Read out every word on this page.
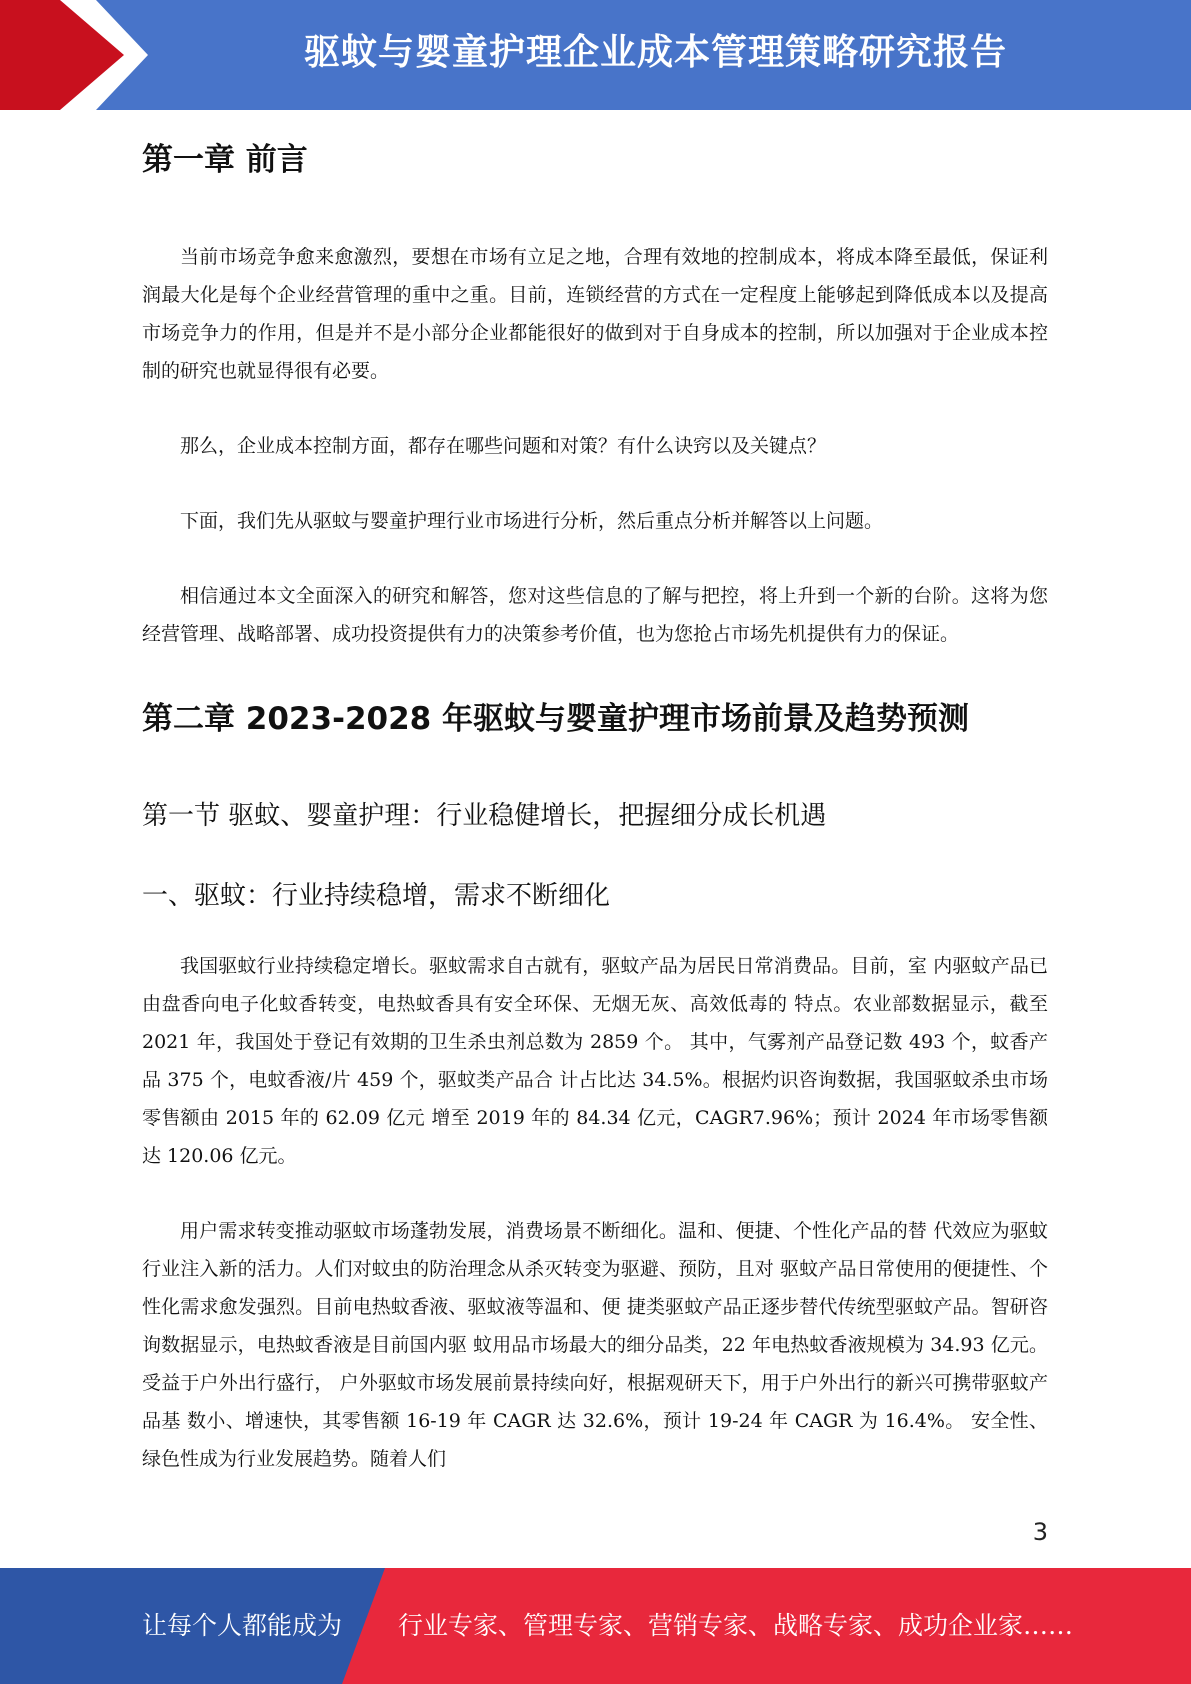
驱蚊与婴童护理企业成本管理策略研究报告
第一章 前言

当前市场竞争愈来愈激烈，要想在市场有立足之地，合理有效地的控制成本，将成本降至最低，保证利润最大化是每个企业经营管理的重中之重。目前，连锁经营的方式在一定程度上能够起到降低成本以及提高市场竞争力的作用，但是并不是小部分企业都能很好的做到对于自身成本的控制，所以加强对于企业成本控制的研究也就显得很有必要。

那么，企业成本控制方面，都存在哪些问题和对策？有什么诀窍以及关键点？

下面，我们先从驱蚊与婴童护理行业市场进行分析，然后重点分析并解答以上问题。

相信通过本文全面深入的研究和解答，您对这些信息的了解与把控，将上升到一个新的台阶。这将为您经营管理、战略部署、成功投资提供有力的决策参考价值，也为您抢占市场先机提供有力的保证。

第二章 2023-2028 年驱蚊与婴童护理市场前景及趋势预测
第一节 驱蚊、婴童护理：行业稳健增长，把握细分成长机遇
一、驱蚊：行业持续稳增，需求不断细化

我国驱蚊行业持续稳定增长。驱蚊需求自古就有，驱蚊产品为居民日常消费品。目前，室 内驱蚊产品已由盘香向电子化蚊香转变，电热蚊香具有安全环保、无烟无灰、高效低毒的 特点。农业部数据显示，截至 2021 年，我国处于登记有效期的卫生杀虫剂总数为 2859 个。 其中，气雾剂产品登记数 493 个，蚊香产品 375 个，电蚊香液/片 459 个，驱蚊类产品合 计占比达 34.5%。根据灼识咨询数据，我国驱蚊杀虫市场零售额由 2015 年的 62.09 亿元 增至 2019 年的 84.34 亿元，CAGR7.96%；预计 2024 年市场零售额达 120.06 亿元。

用户需求转变推动驱蚊市场蓬勃发展，消费场景不断细化。温和、便捷、个性化产品的替 代效应为驱蚊行业注入新的活力。人们对蚊虫的防治理念从杀灭转变为驱避、预防，且对 驱蚊产品日常使用的便捷性、个性化需求愈发强烈。目前电热蚊香液、驱蚊液等温和、便 捷类驱蚊产品正逐步替代传统型驱蚊产品。智研咨询数据显示，电热蚊香液是目前国内驱 蚊用品市场最大的细分品类，22 年电热蚊香液规模为 34.93 亿元。受益于户外出行盛行， 户外驱蚊市场发展前景持续向好，根据观研天下，用于户外出行的新兴可携带驱蚊产品基 数小、增速快，其零售额 16-19 年 CAGR 达 32.6%，预计 19-24 年 CAGR 为 16.4%。 安全性、绿色性成为行业发展趋势。随着人们

3
让每个人都能成为 行业专家、管理专家、营销专家、战略专家、成功企业家……
